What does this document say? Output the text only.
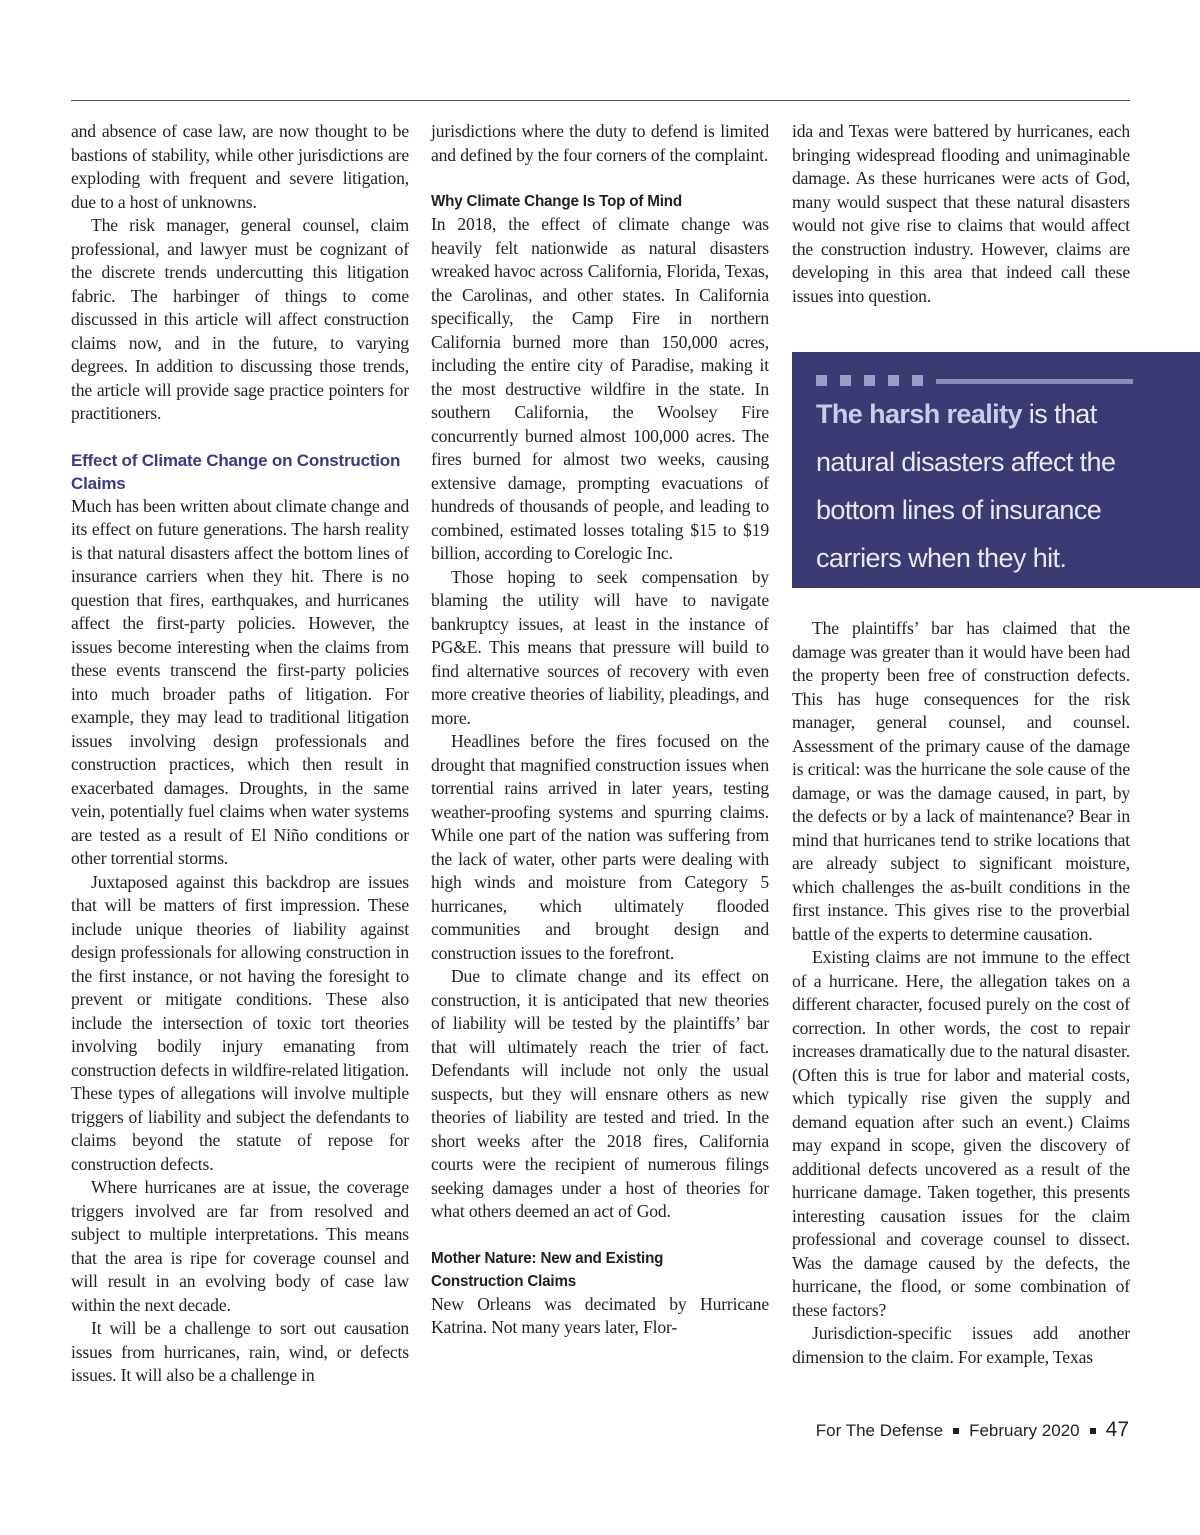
and absence of case law, are now thought to be bastions of stability, while other jurisdictions are exploding with frequent and severe litigation, due to a host of unknowns.

The risk manager, general counsel, claim professional, and lawyer must be cognizant of the discrete trends undercutting this litigation fabric. The harbinger of things to come discussed in this article will affect construction claims now, and in the future, to varying degrees. In addition to discussing those trends, the article will provide sage practice pointers for practitioners.

Effect of Climate Change on Construction Claims

Much has been written about climate change and its effect on future generations. The harsh reality is that natural disasters affect the bottom lines of insurance carriers when they hit. There is no question that fires, earthquakes, and hurricanes affect the first-party policies. However, the issues become interesting when the claims from these events transcend the first-party policies into much broader paths of litigation. For example, they may lead to traditional litigation issues involving design professionals and construction practices, which then result in exacerbated damages. Droughts, in the same vein, potentially fuel claims when water systems are tested as a result of El Niño conditions or other torrential storms.

Juxtaposed against this backdrop are issues that will be matters of first impression. These include unique theories of liability against design professionals for allowing construction in the first instance, or not having the foresight to prevent or mitigate conditions. These also include the intersection of toxic tort theories involving bodily injury emanating from construction defects in wildfire-related litigation. These types of allegations will involve multiple triggers of liability and subject the defendants to claims beyond the statute of repose for construction defects.

Where hurricanes are at issue, the coverage triggers involved are far from resolved and subject to multiple interpretations. This means that the area is ripe for coverage counsel and will result in an evolving body of case law within the next decade.

It will be a challenge to sort out causation issues from hurricanes, rain, wind, or defects issues. It will also be a challenge in

jurisdictions where the duty to defend is limited and defined by the four corners of the complaint.

Why Climate Change Is Top of Mind

In 2018, the effect of climate change was heavily felt nationwide as natural disasters wreaked havoc across California, Florida, Texas, the Carolinas, and other states. In California specifically, the Camp Fire in northern California burned more than 150,000 acres, including the entire city of Paradise, making it the most destructive wildfire in the state. In southern California, the Woolsey Fire concurrently burned almost 100,000 acres. The fires burned for almost two weeks, causing extensive damage, prompting evacuations of hundreds of thousands of people, and leading to combined, estimated losses totaling $15 to $19 billion, according to Corelogic Inc.

Those hoping to seek compensation by blaming the utility will have to navigate bankruptcy issues, at least in the instance of PG&E. This means that pressure will build to find alternative sources of recovery with even more creative theories of liability, pleadings, and more.

Headlines before the fires focused on the drought that magnified construction issues when torrential rains arrived in later years, testing weather-proofing systems and spurring claims. While one part of the nation was suffering from the lack of water, other parts were dealing with high winds and moisture from Category 5 hurricanes, which ultimately flooded communities and brought design and construction issues to the forefront.

Due to climate change and its effect on construction, it is anticipated that new theories of liability will be tested by the plaintiffs’ bar that will ultimately reach the trier of fact. Defendants will include not only the usual suspects, but they will ensnare others as new theories of liability are tested and tried. In the short weeks after the 2018 fires, California courts were the recipient of numerous filings seeking damages under a host of theories for what others deemed an act of God.

Mother Nature: New and Existing Construction Claims

New Orleans was decimated by Hurricane Katrina. Not many years later, Flor-

ida and Texas were battered by hurricanes, each bringing widespread flooding and unimaginable damage. As these hurricanes were acts of God, many would suspect that these natural disasters would not give rise to claims that would affect the construction industry. However, claims are developing in this area that indeed call these issues into question.

The harsh reality is that natural disasters affect the bottom lines of insurance carriers when they hit.

The plaintiffs’ bar has claimed that the damage was greater than it would have been had the property been free of construction defects. This has huge consequences for the risk manager, general counsel, and counsel. Assessment of the primary cause of the damage is critical: was the hurricane the sole cause of the damage, or was the damage caused, in part, by the defects or by a lack of maintenance? Bear in mind that hurricanes tend to strike locations that are already subject to significant moisture, which challenges the as-built conditions in the first instance. This gives rise to the proverbial battle of the experts to determine causation.

Existing claims are not immune to the effect of a hurricane. Here, the allegation takes on a different character, focused purely on the cost of correction. In other words, the cost to repair increases dramatically due to the natural disaster. (Often this is true for labor and material costs, which typically rise given the supply and demand equation after such an event.) Claims may expand in scope, given the discovery of additional defects uncovered as a result of the hurricane damage. Taken together, this presents interesting causation issues for the claim professional and coverage counsel to dissect. Was the damage caused by the defects, the hurricane, the flood, or some combination of these factors?

Jurisdiction-specific issues add another dimension to the claim. For example, Texas

For The Defense February 2020 47
